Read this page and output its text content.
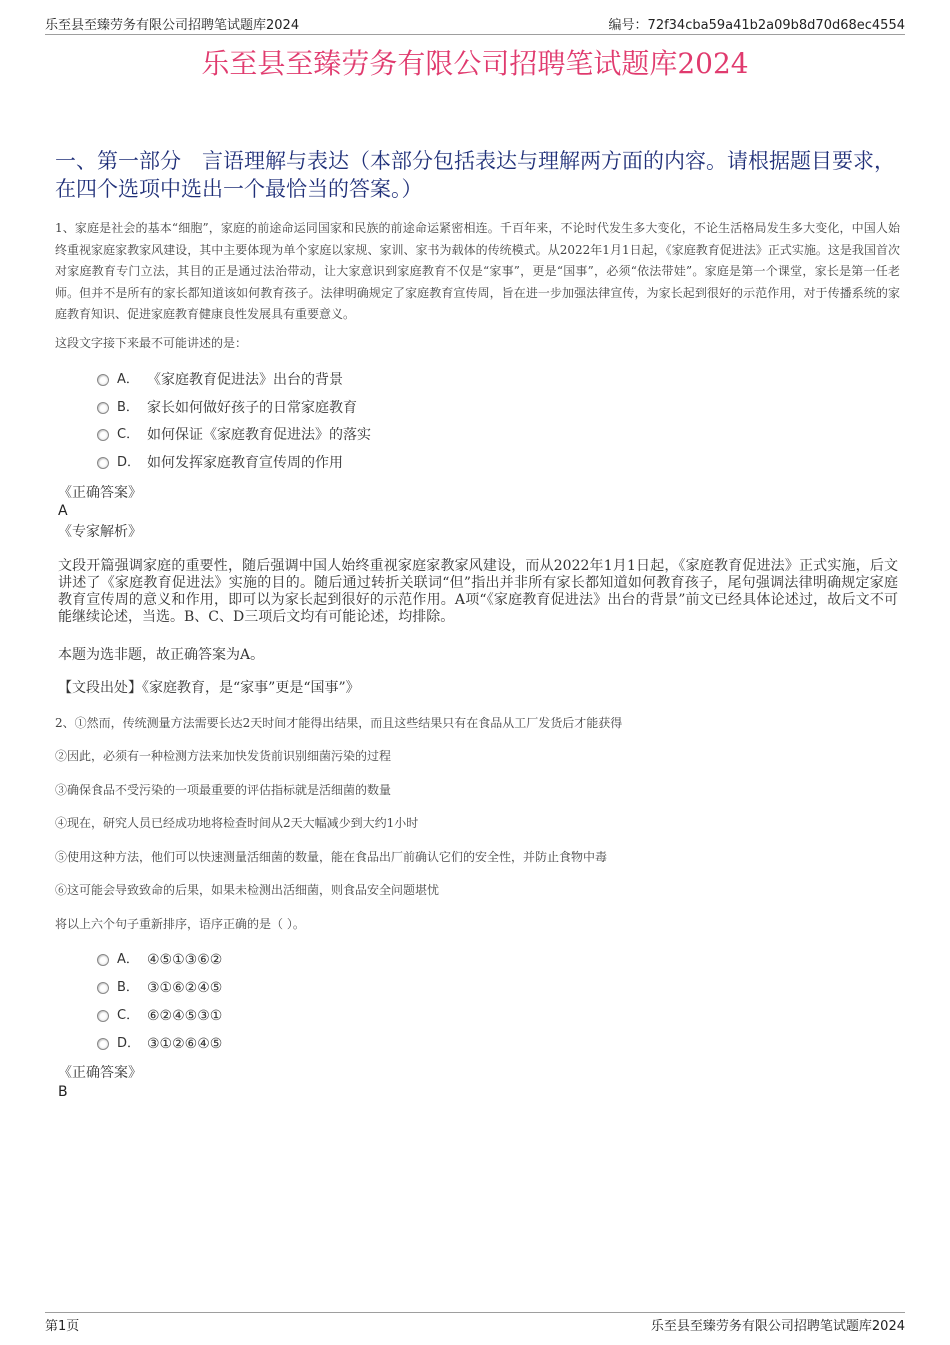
乐至县至臻劳务有限公司招聘笔试题库2024	编号：72f34cba59a41b2a09b8d70d68ec4554
乐至县至臻劳务有限公司招聘笔试题库2024
一、第一部分　言语理解与表达（本部分包括表达与理解两方面的内容。请根据题目要求，在四个选项中选出一个最恰当的答案。）
1、家庭是社会的基本“细胞”，家庭的前途命运同国家和民族的前途命运紧密相连。千百年来，不论时代发生多大变化，不论生活格局发生多大变化，中国人始终重视家庭家教家风建设，其中主要体现为单个家庭以家规、家训、家书为载体的传统模式。从2022年1月1日起，《家庭教育促进法》正式实施。这是我国首次对家庭教育专门立法，其目的正是通过法治带动，让大家意识到家庭教育不仅是“家事”，更是“国事”，必须“依法带娃”。家庭是第一个课堂，家长是第一任老师。但并不是所有的家长都知道该如何教育孩子。法律明确规定了家庭教育宣传周，旨在进一步加强法律宣传，为家长起到很好的示范作用，对于传播系统的家庭教育知识、促进家庭教育健康良性发展具有重要意义。
这段文字接下来最不可能讲述的是：
A． 《家庭教育促进法》出台的背景
B． 家长如何做好孩子的日常家庭教育
C． 如何保证《家庭教育促进法》的落实
D． 如何发挥家庭教育宣传周的作用
《正确答案》
A
《专家解析》
文段开篇强调家庭的重要性，随后强调中国人始终重视家庭家教家风建设，而从2022年1月1日起，《家庭教育促进法》正式实施，后文讲述了《家庭教育促进法》实施的目的。随后通过转折关联词“但”指出并非所有家长都知道如何教育孩子，尾句强调法律明确规定家庭教育宣传周的意义和作用，即可以为家长起到很好的示范作用。A项“《家庭教育促进法》出台的背景”前文已经具体论述过，故后文不可能继续论述，当选。B、C、D三项后文均有可能论述，均排除。
本题为选非题，故正确答案为A。
【文段出处】《家庭教育，是“家事”更是“国事”》
2、①然而，传统测量方法需要长达2天时间才能得出结果，而且这些结果只有在食品从工厂发货后才能获得
②因此，必须有一种检测方法来加快发货前识别细菌污染的过程
③确保食品不受污染的一项最重要的评估指标就是活细菌的数量
④现在，研究人员已经成功地将检查时间从2天大幅减少到大约1小时
⑤使用这种方法，他们可以快速测量活细菌的数量，能在食品出厂前确认它们的安全性，并防止食物中毒
⑥这可能会导致致命的后果，如果未检测出活细菌，则食品安全问题堪忧
将以上六个句子重新排序，语序正确的是（ ）。
A． ④⑤①③⑥②
B． ③①⑥②④⑤
C． ⑥②④⑤③①
D． ③①②⑥④⑤
《正确答案》
B
第1页	乐至县至臻劳务有限公司招聘笔试题库2024
